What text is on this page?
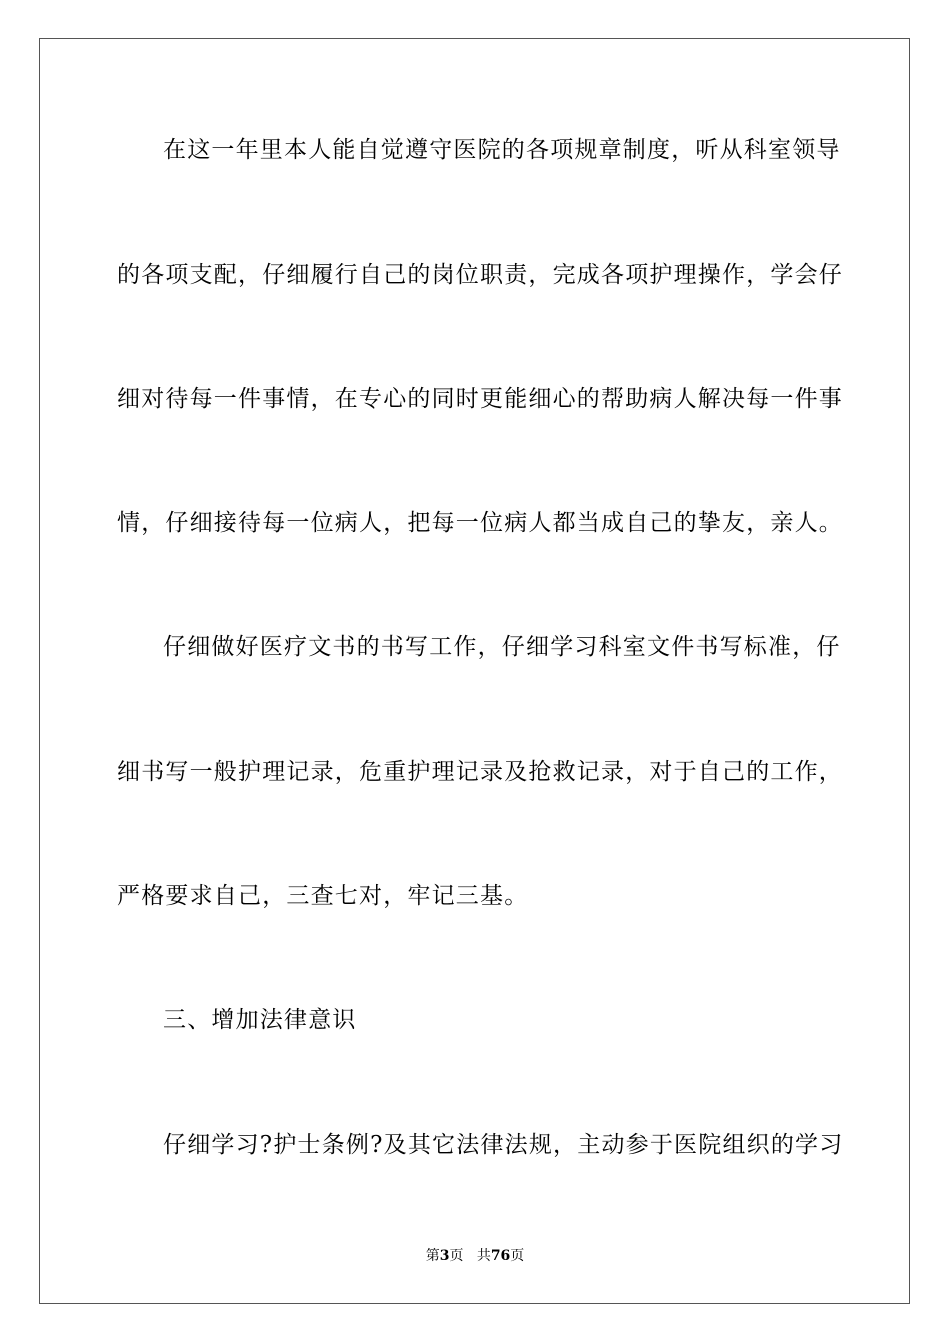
在这一年里本人能自觉遵守医院的各项规章制度，听从科室领导
的各项支配，仔细履行自己的岗位职责，完成各项护理操作，学会仔
细对待每一件事情，在专心的同时更能细心的帮助病人解决每一件事
情，仔细接待每一位病人，把每一位病人都当成自己的挚友，亲人。
仔细做好医疗文书的书写工作，仔细学习科室文件书写标准，仔
细书写一般护理记录，危重护理记录及抢救记录，对于自己的工作，
严格要求自己，三查七对，牢记三基。
三、增加法律意识
仔细学习?护士条例?及其它法律法规，主动参于医院组织的学习
第3页 共76页
